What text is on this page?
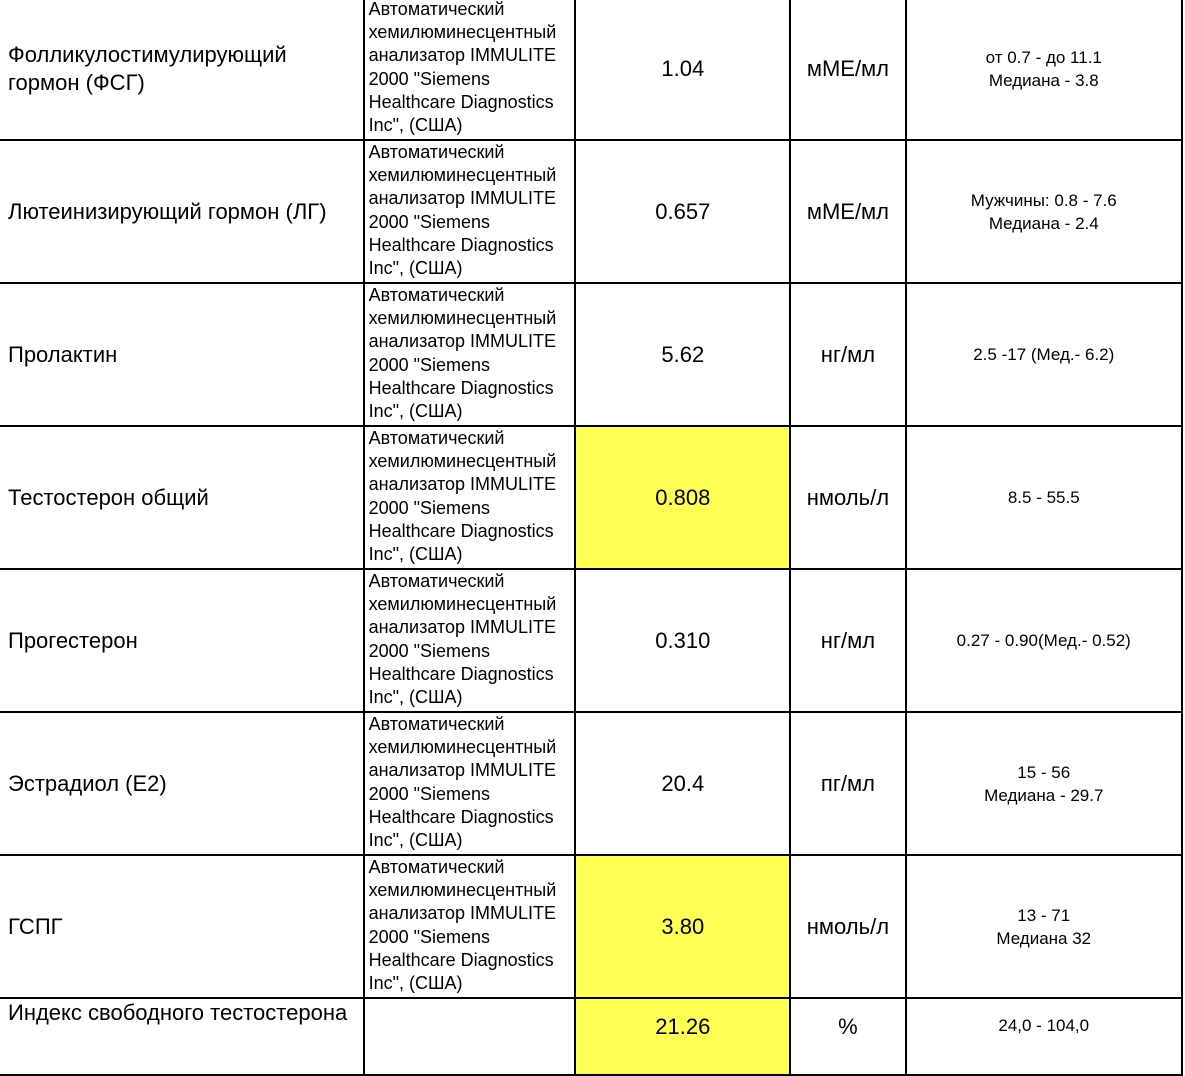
Фолликулостимулирующий гормон (ФСГ)	Автоматический хемилюминесцентный анализатор IMMULITE 2000 "Siemens Healthcare Diagnostics Inc", (США)	1.04	мМЕ/мл	от 0.7 - до 11.1
Медиана - 3.8

Лютеинизирующий гормон (ЛГ)	Автоматический хемилюминесцентный анализатор IMMULITE 2000 "Siemens Healthcare Diagnostics Inc", (США)	0.657	мМЕ/мл	Мужчины: 0.8 - 7.6
Медиана - 2.4

Пролактин	Автоматический хемилюминесцентный анализатор IMMULITE 2000 "Siemens Healthcare Diagnostics Inc", (США)	5.62	нг/мл	2.5 -17 (Мед.- 6.2)

Тестостерон общий	Автоматический хемилюминесцентный анализатор IMMULITE 2000 "Siemens Healthcare Diagnostics Inc", (США)	0.808	нмоль/л	8.5 - 55.5

Прогестерон	Автоматический хемилюминесцентный анализатор IMMULITE 2000 "Siemens Healthcare Diagnostics Inc", (США)	0.310	нг/мл	0.27 - 0.90(Мед.- 0.52)

Эстрадиол (Е2)	Автоматический хемилюминесцентный анализатор IMMULITE 2000 "Siemens Healthcare Diagnostics Inc", (США)	20.4	пг/мл	15 - 56
Медиана - 29.7

ГСПГ	Автоматический хемилюминесцентный анализатор IMMULITE 2000 "Siemens Healthcare Diagnostics Inc", (США)	3.80	нмоль/л	13 - 71
Медиана 32

Индекс свободного тестостерона		21.26	%	24,0 - 104,0
